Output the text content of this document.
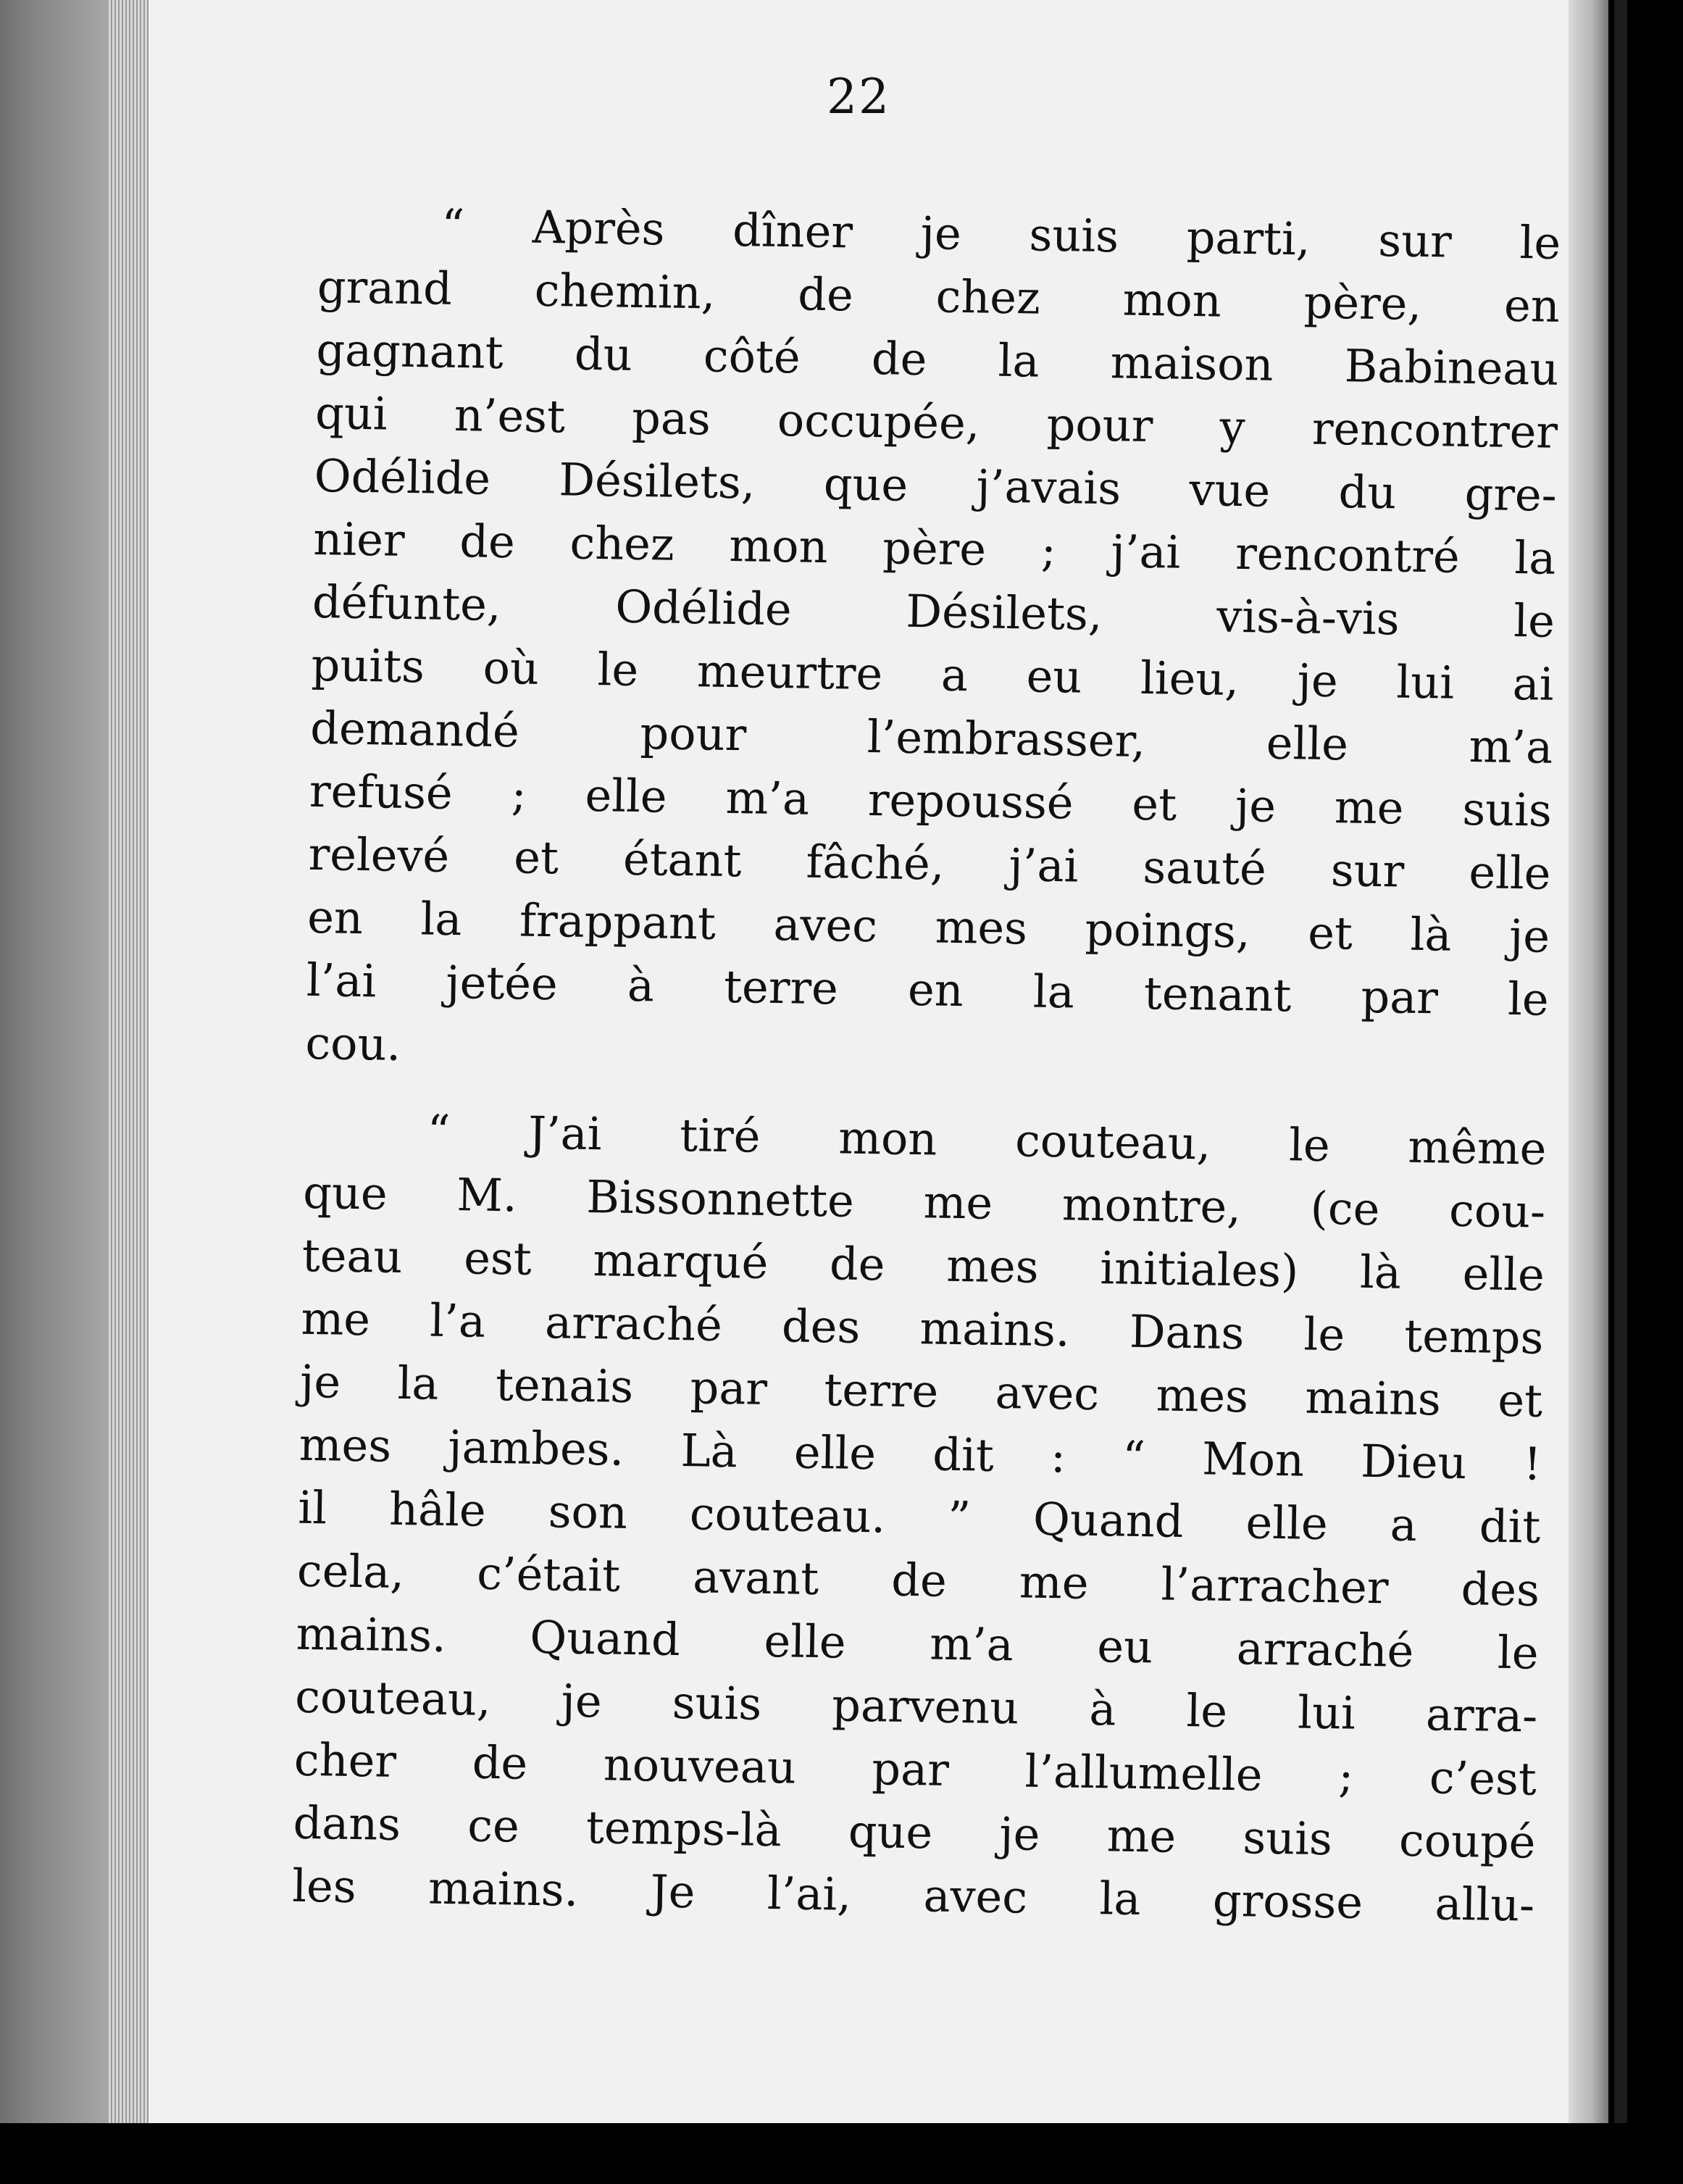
22
“ Après dîner je suis parti, sur le
grand chemin, de chez mon père, en
gagnant du côté de la maison Babineau
qui n’est pas occupée, pour y rencontrer
Odélide Désilets, que j’avais vue du gre-
nier de chez mon père ; j’ai rencontré la
défunte, Odélide Désilets, vis-à-vis le
puits où le meurtre a eu lieu, je lui ai
demandé pour l’embrasser, elle m’a
refusé ; elle m’a repoussé et je me suis
relevé et étant fâché, j’ai sauté sur elle
en la frappant avec mes poings, et là je
l’ai jetée à terre en la tenant par le
cou.
“ J’ai tiré mon couteau, le même
que M. Bissonnette me montre, (ce cou-
teau est marqué de mes initiales) là elle
me l’a arraché des mains. Dans le temps
je la tenais par terre avec mes mains et
mes jambes. Là elle dit : “ Mon Dieu !
il hâle son couteau. ” Quand elle a dit
cela, c’était avant de me l’arracher des
mains. Quand elle m’a eu arraché le
couteau, je suis parvenu à le lui arra-
cher de nouveau par l’allumelle ; c’est
dans ce temps-là que je me suis coupé
les mains. Je l’ai, avec la grosse allu-
